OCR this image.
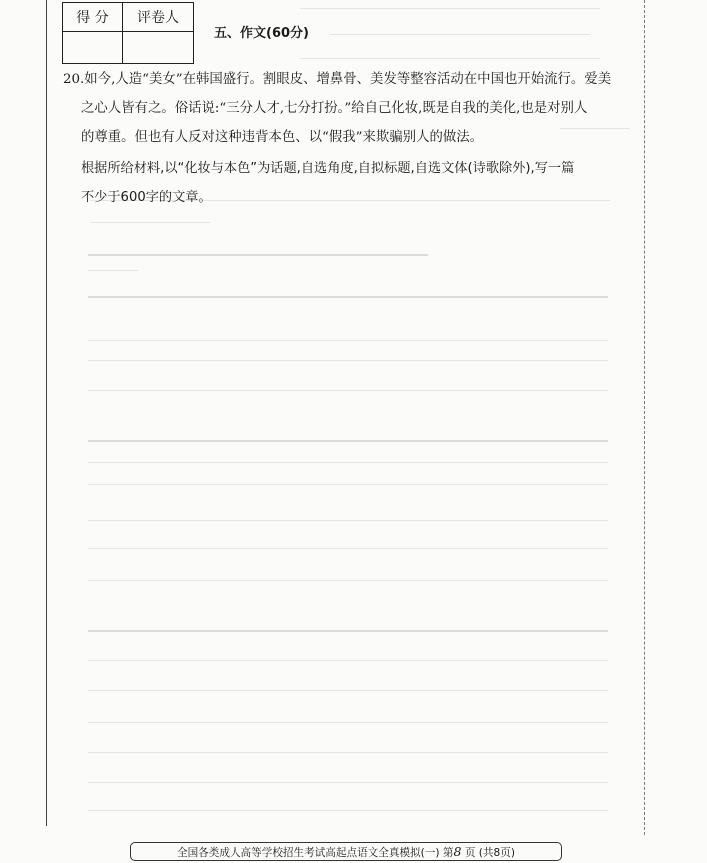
得 分	评卷人

五、作文(60分)
20.如今,人造“美女”在韩国盛行。割眼皮、增鼻骨、美发等整容活动在中国也开始流行。爱美
之心人皆有之。俗话说:“三分人才,七分打扮。”给自己化妆,既是自我的美化,也是对别人
的尊重。但也有人反对这种违背本色、以“假我”来欺骗别人的做法。
根据所给材料,以“化妆与本色”为话题,自选角度,自拟标题,自选文体(诗歌除外),写一篇
不少于600字的文章。
全国各类成人高等学校招生考试高起点语文全真模拟(一) 第8 页 (共8页)
